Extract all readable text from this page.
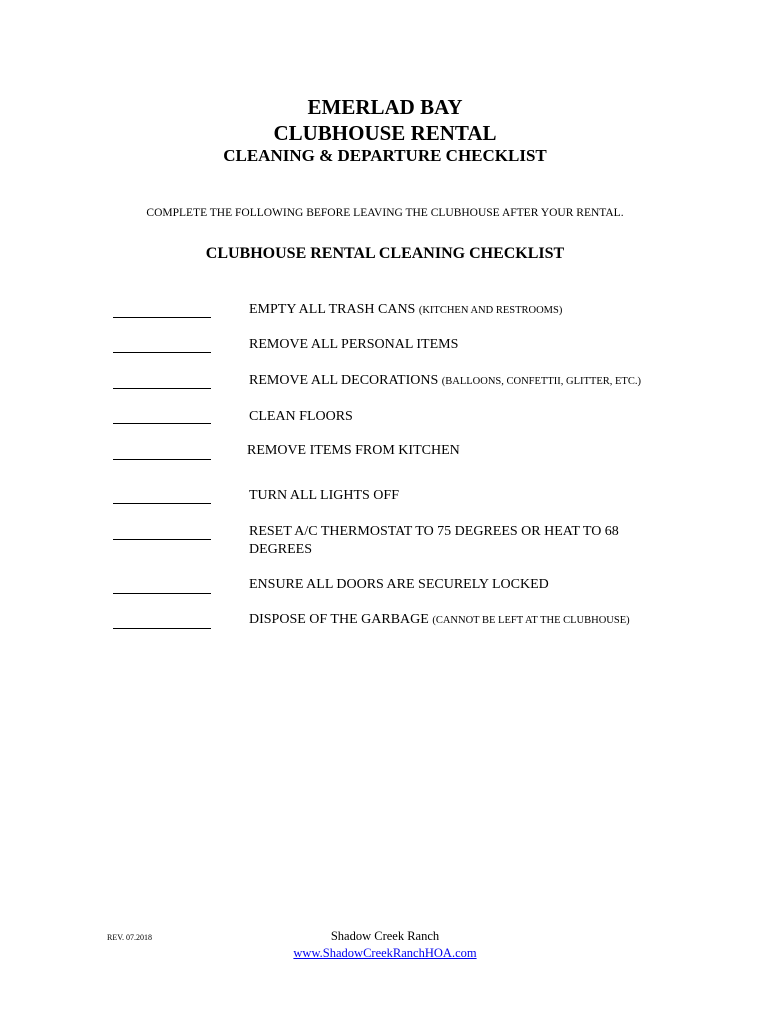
EMERLAD BAY
CLUBHOUSE RENTAL
CLEANING & DEPARTURE CHECKLIST
COMPLETE THE FOLLOWING BEFORE LEAVING THE CLUBHOUSE AFTER YOUR RENTAL.
CLUBHOUSE RENTAL CLEANING CHECKLIST
EMPTY ALL TRASH CANS (KITCHEN AND RESTROOMS)
REMOVE ALL PERSONAL ITEMS
REMOVE ALL DECORATIONS (BALLOONS, CONFETTII, GLITTER, ETC.)
CLEAN FLOORS
REMOVE ITEMS FROM KITCHEN
TURN ALL LIGHTS OFF
RESET A/C THERMOSTAT TO 75 DEGREES OR HEAT TO 68 DEGREES
ENSURE ALL DOORS ARE SECURELY LOCKED
DISPOSE OF THE GARBAGE (CANNOT BE LEFT AT THE CLUBHOUSE)
REV. 07.2018	Shadow Creek Ranch
www.ShadowCreekRanchHOA.com
